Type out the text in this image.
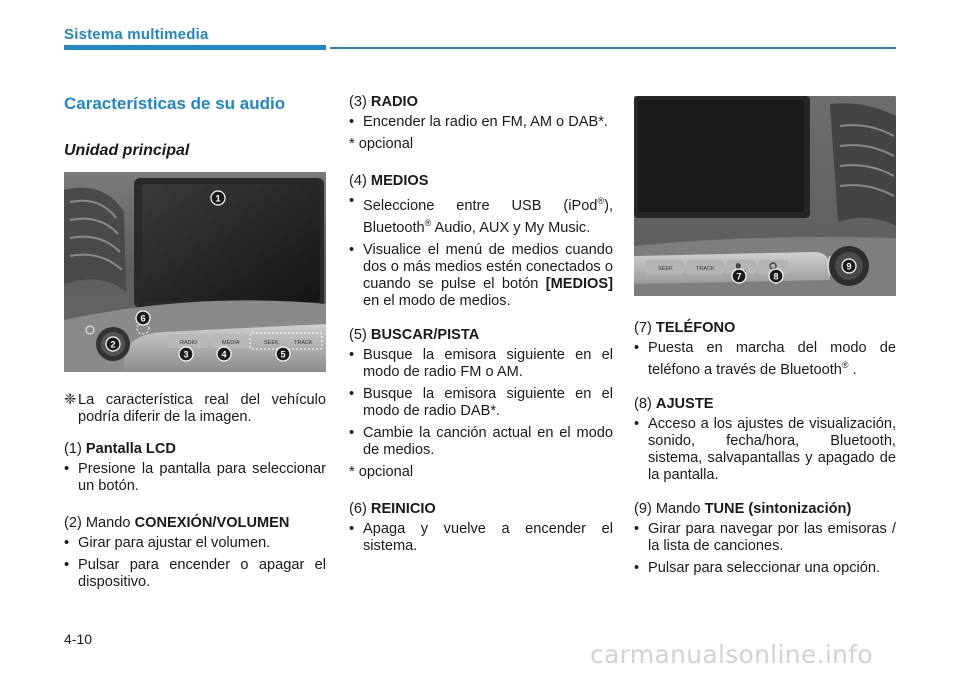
Sistema multimedia
Características de su audio
Unidad principal
RADIO	MEDIA	SEEK	TRACK
1
2
3	4	5
6
❈ La característica real del vehículo podría diferir de la imagen.
(1) Pantalla LCD
• Presione la pantalla para seleccionar un botón.
(2) Mando CONEXIÓN/VOLUMEN
• Girar para ajustar el volumen.
• Pulsar para encender o apagar el dispositivo.
(3) RADIO
• Encender la radio en FM, AM o DAB*.
* opcional
(4) MEDIOS
• Seleccione entre USB (iPod®), Bluetooth® Audio, AUX y My Music.
• Visualice el menú de medios cuando dos o más medios estén conectados o cuando se pulse el botón [MEDIOS] en el modo de medios.
(5) BUSCAR/PISTA
• Busque la emisora siguiente en el modo de radio FM o AM.
• Busque la emisora siguiente en el modo de radio DAB*.
• Cambie la canción actual en el modo de medios.
* opcional
(6) REINICIO
• Apaga y vuelve a encender el sistema.
SEEK	TRACK
7	8
9
(7) TELÉFONO
• Puesta en marcha del modo de teléfono a través de Bluetooth® .
(8) AJUSTE
• Acceso a los ajustes de visualización, sonido, fecha/hora, Bluetooth, sistema, salvapantallas y apagado de la pantalla.
(9) Mando TUNE (sintonización)
• Girar para navegar por las emisoras / la lista de canciones.
• Pulsar para seleccionar una opción.
4-10
carmanualsonline.info
